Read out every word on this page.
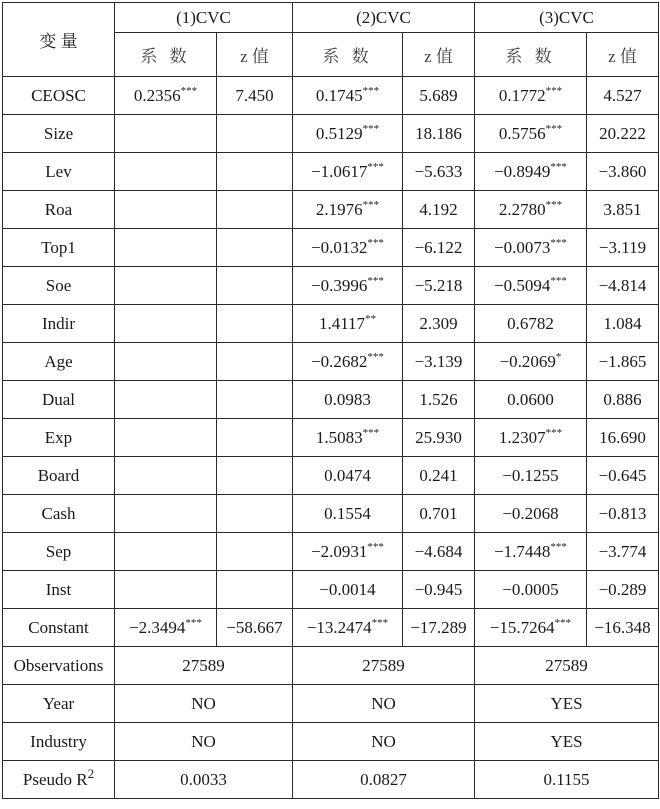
变 量	(1)CVC		(2)CVC		(3)CVC	
	系 数	z 值	系 数	z 值	系 数	z 值
CEOSC	0.2356***	7.450	0.1745***	5.689	0.1772***	4.527
Size			0.5129***	18.186	0.5756***	20.222
Lev			−1.0617***	−5.633	−0.8949***	−3.860
Roa			2.1976***	4.192	2.2780***	3.851
Top1			−0.0132***	−6.122	−0.0073***	−3.119
Soe			−0.3996***	−5.218	−0.5094***	−4.814
Indir			1.4117**	2.309	0.6782	1.084
Age			−0.2682***	−3.139	−0.2069*	−1.865
Dual			0.0983	1.526	0.0600	0.886
Exp			1.5083***	25.930	1.2307***	16.690
Board			0.0474	0.241	−0.1255	−0.645
Cash			0.1554	0.701	−0.2068	−0.813
Sep			−2.0931***	−4.684	−1.7448***	−3.774
Inst			−0.0014	−0.945	−0.0005	−0.289
Constant	−2.3494***	−58.667	−13.2474***	−17.289	−15.7264***	−16.348
Observations	27589		27589		27589	
Year	NO		NO		YES	
Industry	NO		NO		YES	
Pseudo $R^2$	0.0033		0.0827		0.1155	
